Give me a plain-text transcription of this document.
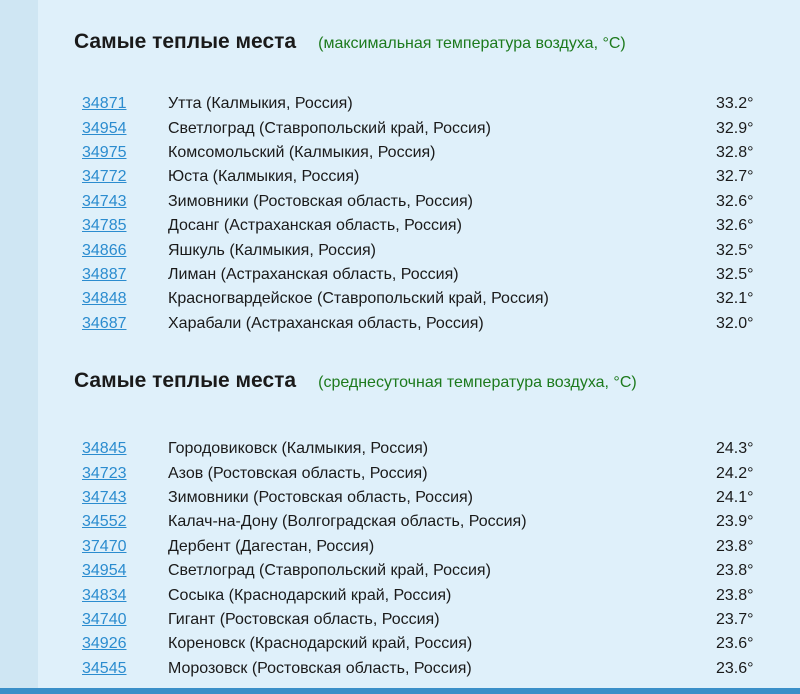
Самые теплые места (максимальная температура воздуха, °C)
34871	Утта (Калмыкия, Россия)	33.2°
34954	Светлоград (Ставропольский край, Россия)	32.9°
34975	Комсомольский (Калмыкия, Россия)	32.8°
34772	Юста (Калмыкия, Россия)	32.7°
34743	Зимовники (Ростовская область, Россия)	32.6°
34785	Досанг (Астраханская область, Россия)	32.6°
34866	Яшкуль (Калмыкия, Россия)	32.5°
34887	Лиман (Астраханская область, Россия)	32.5°
34848	Красногвардейское (Ставропольский край, Россия)	32.1°
34687	Харабали (Астраханская область, Россия)	32.0°
Самые теплые места (среднесуточная температура воздуха, °C)
34845	Городовиковск (Калмыкия, Россия)	24.3°
34723	Азов (Ростовская область, Россия)	24.2°
34743	Зимовники (Ростовская область, Россия)	24.1°
34552	Калач-на-Дону (Волгоградская область, Россия)	23.9°
37470	Дербент (Дагестан, Россия)	23.8°
34954	Светлоград (Ставропольский край, Россия)	23.8°
34834	Сосыка (Краснодарский край, Россия)	23.8°
34740	Гигант (Ростовская область, Россия)	23.7°
34926	Кореновск (Краснодарский край, Россия)	23.6°
34545	Морозовск (Ростовская область, Россия)	23.6°
